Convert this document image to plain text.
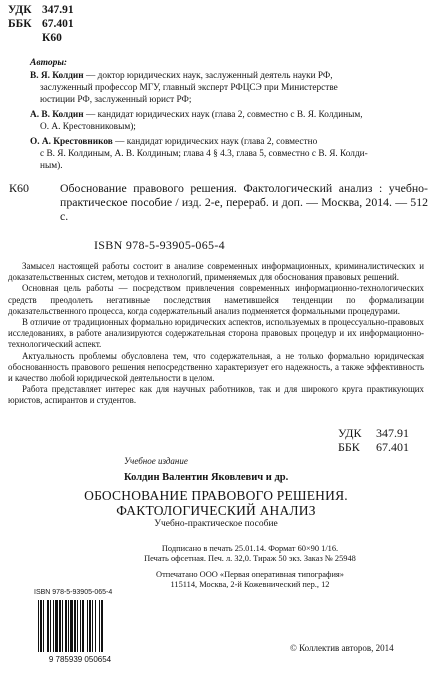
УДК 347.91
ББК 67.401
К60
Авторы:
В. Я. Колдин — доктор юридических наук, заслуженный деятель науки РФ,
заслуженный профессор МГУ, главный эксперт РФЦСЭ при Министерстве
юстиции РФ, заслуженный юрист РФ;
А. В. Колдин — кандидат юридических наук (глава 2, совместно с В. Я. Колдиным,
О. А. Крестовниковым);
О. А. Крестовников — кандидат юридических наук (глава 2, совместно
с В. Я. Колдиным, А. В. Колдиным; глава 4 § 4.3, глава 5, совместно с В. Я. Колди-
ным).
К60	Обоснование правового решения. Фактологический анализ : учебно-практическое пособие / изд. 2-е, перераб. и доп. — Москва, 2014. — 512 с.
ISBN 978-5-93905-065-4

Замысел настоящей работы состоит в анализе современных информационных, криминалистических и доказательственных систем, методов и технологий, применяемых для обоснования правовых решений.

Основная цель работы — посредством привлечения современных информационно-технологических средств преодолеть негативные последствия наметившейся тенденции по формализации доказательственного процесса, когда содержательный анализ подменяется формальными процедурами.

В отличие от традиционных формально юридических аспектов, используемых в процессуально-правовых исследованиях, в работе анализируются содержательная сторона правовых процедур и их информационно-технологический аспект.

Актуальность проблемы обусловлена тем, что содержательная, а не только формально юридическая обоснованность правового решения непосредственно характеризует его надежность, а также эффективность и качество любой юридической деятельности в целом.

Работа представляет интерес как для научных работников, так и для широкого круга практикующих юристов, аспирантов и студентов.

УДК 347.91
ББК 67.401
Учебное издание
Колдин Валентин Яковлевич и др.
ОБОСНОВАНИЕ ПРАВОВОГО РЕШЕНИЯ.
ФАКТОЛОГИЧЕСКИЙ АНАЛИЗ
Учебно-практическое пособие
Подписано в печать 25.01.14. Формат 60×90 1/16.
Печать офсетная. Печ. л. 32,0. Тираж 50 экз. Заказ № 25948
Отпечатано ООО «Первая оперативная типография»
115114, Москва, 2-й Кожевнический пер., 12
ISBN 978-5-93905-065-4
9 785939 050654
© Коллектив авторов, 2014
